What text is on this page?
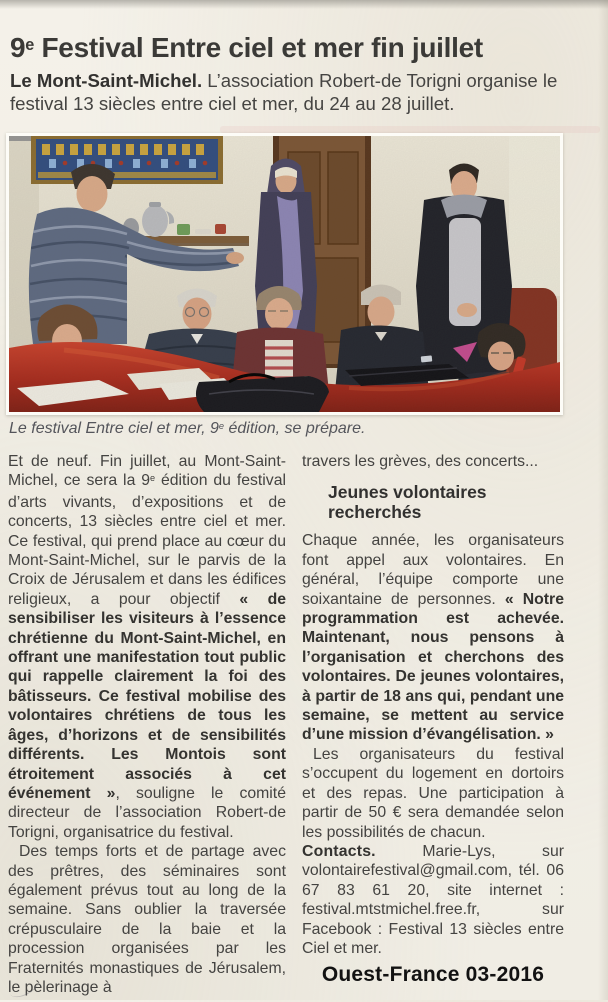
9e Festival Entre ciel et mer fin juillet

Le Mont-Saint-Michel. L’association Robert-de Torigni organise le festival 13 siècles entre ciel et mer, du 24 au 28 juillet.

Le festival Entre ciel et mer, 9e édition, se prépare.

Et de neuf. Fin juillet, au Mont-Saint-Michel, ce sera la 9e édition du festival d’arts vivants, d’expositions et de concerts, 13 siècles entre ciel et mer. Ce festival, qui prend place au cœur du Mont-Saint-Michel, sur le parvis de la Croix de Jérusalem et dans les édifices religieux, a pour objectif « de sensibiliser les visiteurs à l’essence chrétienne du Mont-Saint-Michel, en offrant une manifestation tout public qui rappelle clairement la foi des bâtisseurs. Ce festival mobilise des volontaires chrétiens de tous les âges, d’horizons et de sensibilités différents. Les Montois sont étroitement associés à cet événement », souligne le comité directeur de l’association Robert-de Torigni, organisatrice du festival.

Des temps forts et de partage avec des prêtres, des séminaires sont également prévus tout au long de la semaine. Sans oublier la traversée crépusculaire de la baie et la procession organisées par les Fraternités monastiques de Jérusalem, le pèlerinage à

travers les grèves, des concerts...

Jeunes volontaires recherchés

Chaque année, les organisateurs font appel aux volontaires. En général, l’équipe comporte une soixantaine de personnes. « Notre programmation est achevée. Maintenant, nous pensons à l’organisation et cherchons des volontaires. De jeunes volontaires, à partir de 18 ans qui, pendant une semaine, se mettent au service d’une mission d’évangélisation. »

Les organisateurs du festival s’occupent du logement en dortoirs et des repas. Une participation à partir de 50 € sera demandée selon les possibilités de chacun.

Contacts. Marie-Lys, sur volontairefestival@gmail.com, tél. 06 67 83 61 20, site internet : festival.mtstmichel.free.fr, sur Facebook : Festival 13 siècles entre Ciel et mer.

Ouest-France 03-2016
